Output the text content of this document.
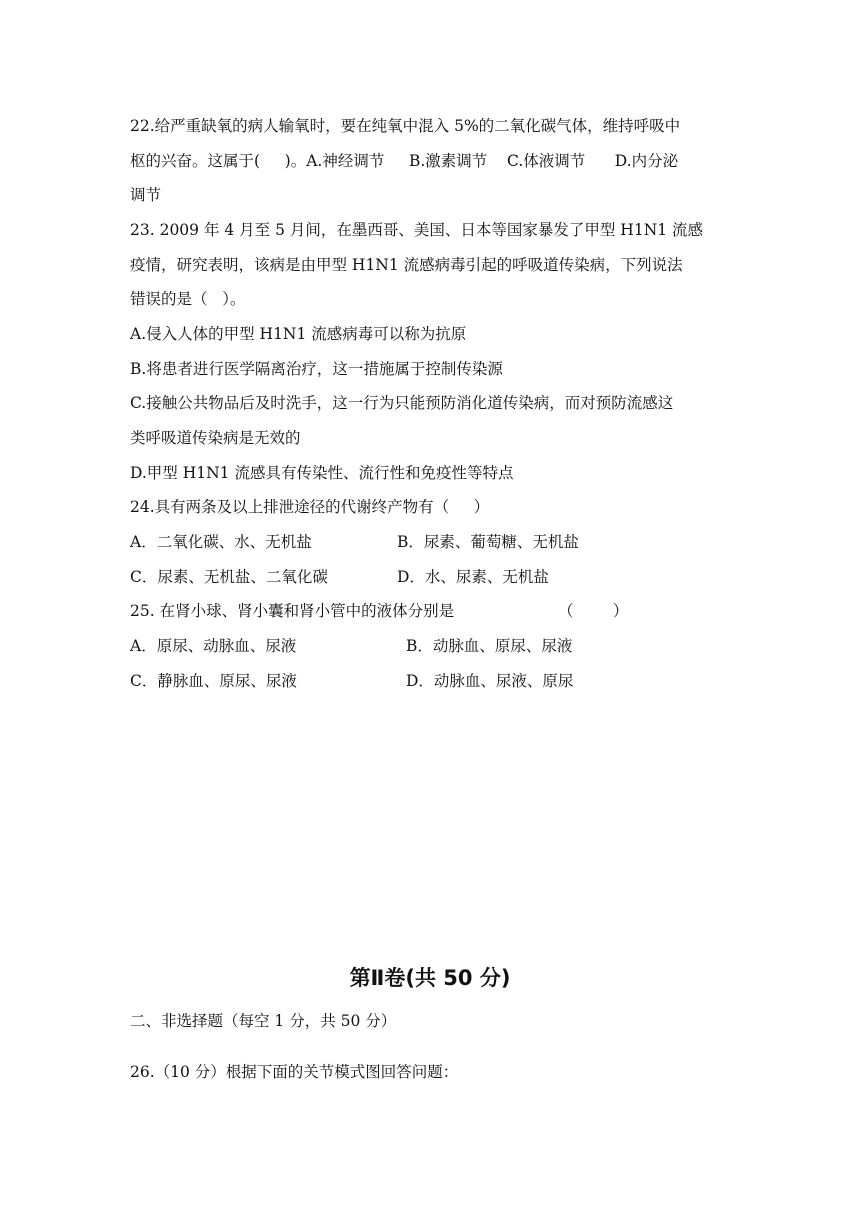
22.给严重缺氧的病人输氧时，要在纯氧中混入 5%的二氧化碳气体，维持呼吸中
枢的兴奋。这属于(     )。A.神经调节     B.激素调节    C.体液调节      D.内分泌
调节
23. 2009 年 4 月至 5 月间，在墨西哥、美国、日本等国家暴发了甲型 H1N1 流感
疫情，研究表明，该病是由甲型 H1N1 流感病毒引起的呼吸道传染病，下列说法
错误的是（   ）。
A.侵入人体的甲型 H1N1 流感病毒可以称为抗原
B.将患者进行医学隔离治疗，这一措施属于控制传染源
C.接触公共物品后及时洗手，这一行为只能预防消化道传染病，而对预防流感这
类呼吸道传染病是无效的
D.甲型 H1N1 流感具有传染性、流行性和免疫性等特点
24.具有两条及以上排泄途径的代谢终产物有（     ）
A．二氧化碳、水、无机盐	B．尿素、葡萄糖、无机盐
C．尿素、无机盐、二氧化碳	D．水、尿素、无机盐
25. 在肾小球、肾小囊和肾小管中的液体分别是	（        ）
A．原尿、动脉血、尿液	B．动脉血、原尿、尿液
C．静脉血、原尿、尿液	D．动脉血、尿液、原尿
第Ⅱ卷(共 50 分)
二、非选择题（每空 1 分，共 50 分）
26.（10 分）根据下面的关节模式图回答问题：
